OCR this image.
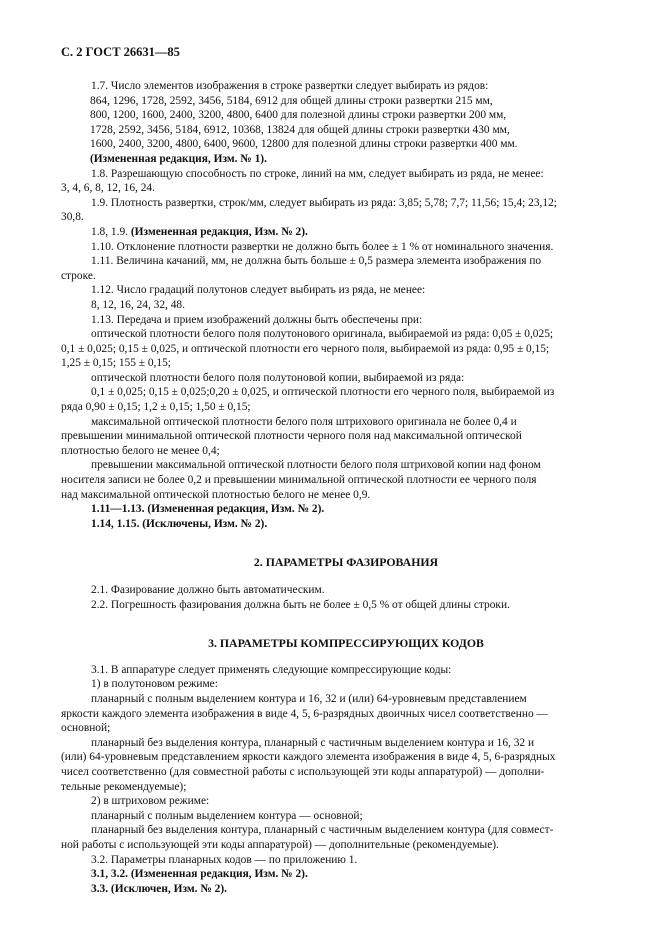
С. 2 ГОСТ 26631—85
1.7. Число элементов изображения в строке развертки следует выбирать из рядов:
864, 1296, 1728, 2592, 3456, 5184, 6912 для общей длины строки развертки 215 мм,
800, 1200, 1600, 2400, 3200, 4800, 6400 для полезной длины строки развертки 200 мм,
1728, 2592, 3456, 5184, 6912, 10368, 13824 для общей длины строки развертки 430 мм,
1600, 2400, 3200, 4800, 6400, 9600, 12800 для полезной длины строки развертки 400 мм.
(Измененная редакция, Изм. № 1).
1.8. Разрешающую способность по строке, линий на мм, следует выбирать из ряда, не менее:
3, 4, 6, 8, 12, 16, 24.
1.9. Плотность развертки, строк/мм, следует выбирать из ряда: 3,85; 5,78; 7,7; 11,56; 15,4; 23,12;
30,8.
1.8, 1.9. (Измененная редакция, Изм. № 2).
1.10. Отклонение плотности развертки не должно быть более ± 1 % от номинального значения.
1.11. Величина качаний, мм, не должна быть больше ± 0,5 размера элемента изображения по
строке.
1.12. Число градаций полутонов следует выбирать из ряда, не менее:
8, 12, 16, 24, 32, 48.
1.13. Передача и прием изображений должны быть обеспечены при:
оптической плотности белого поля полутонового оригинала, выбираемой из ряда: 0,05 ± 0,025;
0,1 ± 0,025; 0,15 ± 0,025, и оптической плотности его черного поля, выбираемой из ряда: 0,95 ± 0,15;
1,25 ± 0,15; 155 ± 0,15;
оптической плотности белого поля полутоновой копии, выбираемой из ряда:
0,1 ± 0,025; 0,15 ± 0,025;0,20 ± 0,025, и оптической плотности его черного поля, выбираемой из
ряда 0,90 ± 0,15; 1,2 ± 0,15; 1,50 ± 0,15;
максимальной оптической плотности белого поля штрихового оригинала не более 0,4 и
превышении минимальной оптической плотности черного поля над максимальной оптической
плотностью белого не менее 0,4;
превышении максимальной оптической плотности белого поля штриховой копии над фоном
носителя записи не более 0,2 и превышении минимальной оптической плотности ее черного поля
над максимальной оптической плотностью белого не менее 0,9.
1.11—1.13. (Измененная редакция, Изм. № 2).
1.14, 1.15. (Исключены, Изм. № 2).
2. ПАРАМЕТРЫ ФАЗИРОВАНИЯ
2.1. Фазирование должно быть автоматическим.
2.2. Погрешность фазирования должна быть не более ± 0,5 % от общей длины строки.
3. ПАРАМЕТРЫ КОМПРЕССИРУЮЩИХ КОДОВ
3.1. В аппаратуре следует применять следующие компрессирующие коды:
1) в полутоновом режиме:
планарный с полным выделением контура и 16, 32 и (или) 64-уровневым представлением
яркости каждого элемента изображения в виде 4, 5, 6-разрядных двоичных чисел соответственно —
основной;
планарный без выделения контура, планарный с частичным выделением контура и 16, 32 и
(или) 64-уровневым представлением яркости каждого элемента изображения в виде 4, 5, 6-разрядных
чисел соответственно (для совместной работы с использующей эти коды аппаратурой) — дополни-
тельные рекомендуемые);
2) в штриховом режиме:
планарный с полным выделением контура — основной;
планарный без выделения контура, планарный с частичным выделением контура (для совмест-
ной работы с использующей эти коды аппаратурой) — дополнительные (рекомендуемые).
3.2. Параметры планарных кодов — по приложению 1.
3.1, 3.2. (Измененная редакция, Изм. № 2).
3.3. (Исключен, Изм. № 2).
